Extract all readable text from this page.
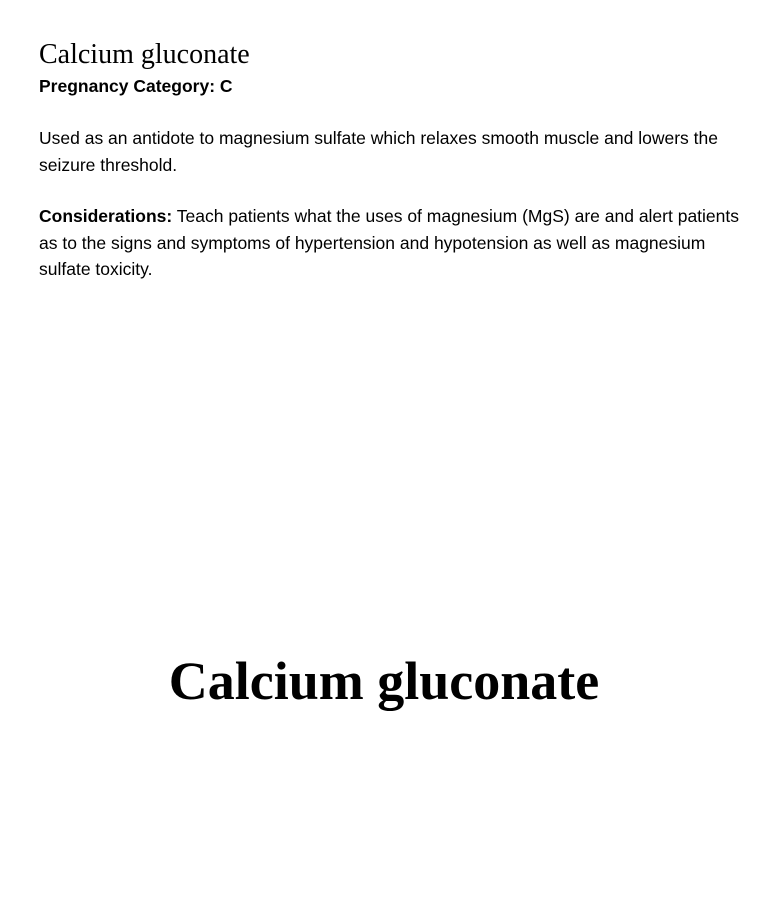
Calcium gluconate

Pregnancy Category: C

Used as an antidote to magnesium sulfate which relaxes smooth muscle and lowers the seizure threshold.

Considerations: Teach patients what the uses of magnesium (MgS) are and alert patients as to the signs and symptoms of hypertension and hypotension as well as magnesium sulfate toxicity.

Calcium gluconate
